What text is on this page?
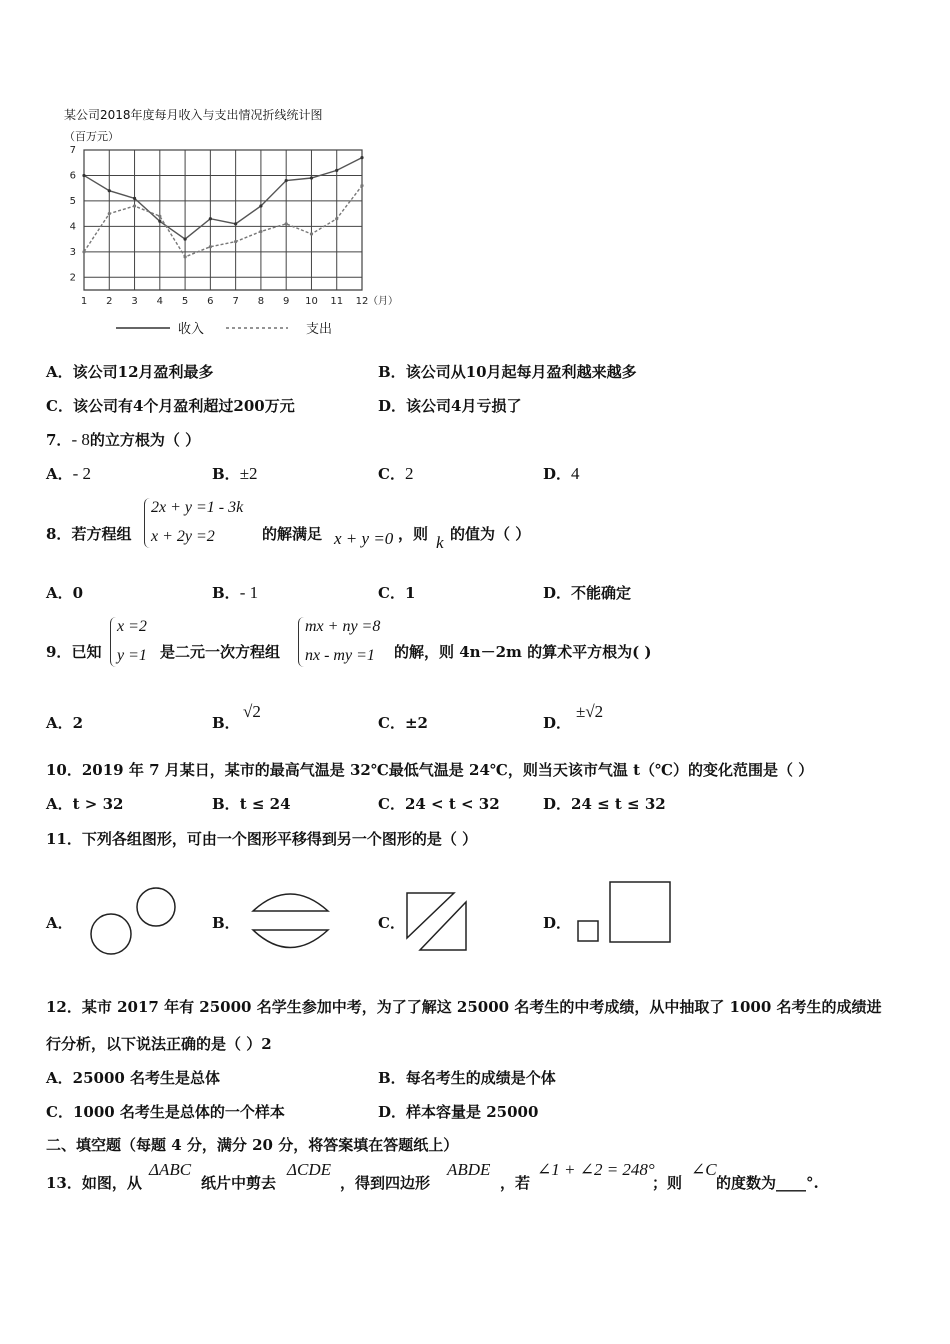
某公司2018年度每月收入与支出情况折线统计图
（百万元）
1 2 3 4 5 6 7 8 9 10 11 12
2
3
4
5
6
7
（月）
收入	支出
A．该公司12月盈利最多	B．该公司从10月起每月盈利越来越多
C．该公司有4个月盈利超过200万元	D．该公司4月亏损了
7．- 8的立方根为（ ）
A．- 2	B．±2	C．2	D．4
8．若方程组
2x + y =1 - 3k
x + 2y =2	的解满足 x + y =0 ，则 k 的值为（ ）
A．0	B．- 1	C．1	D．不能确定
9．已知
x =2
y =1 是二元一次方程组
mx + ny =8
nx - my =1 的解，则 4n－2m 的算术平方根为( )
A．2	B．
√2
C．±2	D．
±√2
10．2019 年 7 月某日，某市的最高气温是 32℃最低气温是 24℃，则当天该市气温 t（℃）的变化范围是（ ）
A．t > 32	B．t ≤ 24	C．24 < t < 32	D．24 ≤ t ≤ 32
11．下列各组图形，可由一个图形平移得到另一个图形的是（ ）
A．	B．	C．	D．
12．某市 2017 年有 25000 名学生参加中考，为了了解这 25000 名考生的中考成绩，从中抽取了 1000 名考生的成绩进
行分析，以下说法正确的是（ ）2
A．25000 名考生是总体	B．每名考生的成绩是个体
C．1000 名考生是总体的一个样本	D．样本容量是 25000
二、填空题（每题 4 分，满分 20 分，将答案填在答题纸上）
13．如图，从
ΔABC
纸片中剪去
ΔCDE
，得到四边形
ABDE
，若
∠1 + ∠2 = 248°
；则
∠C
的度数为____°.
